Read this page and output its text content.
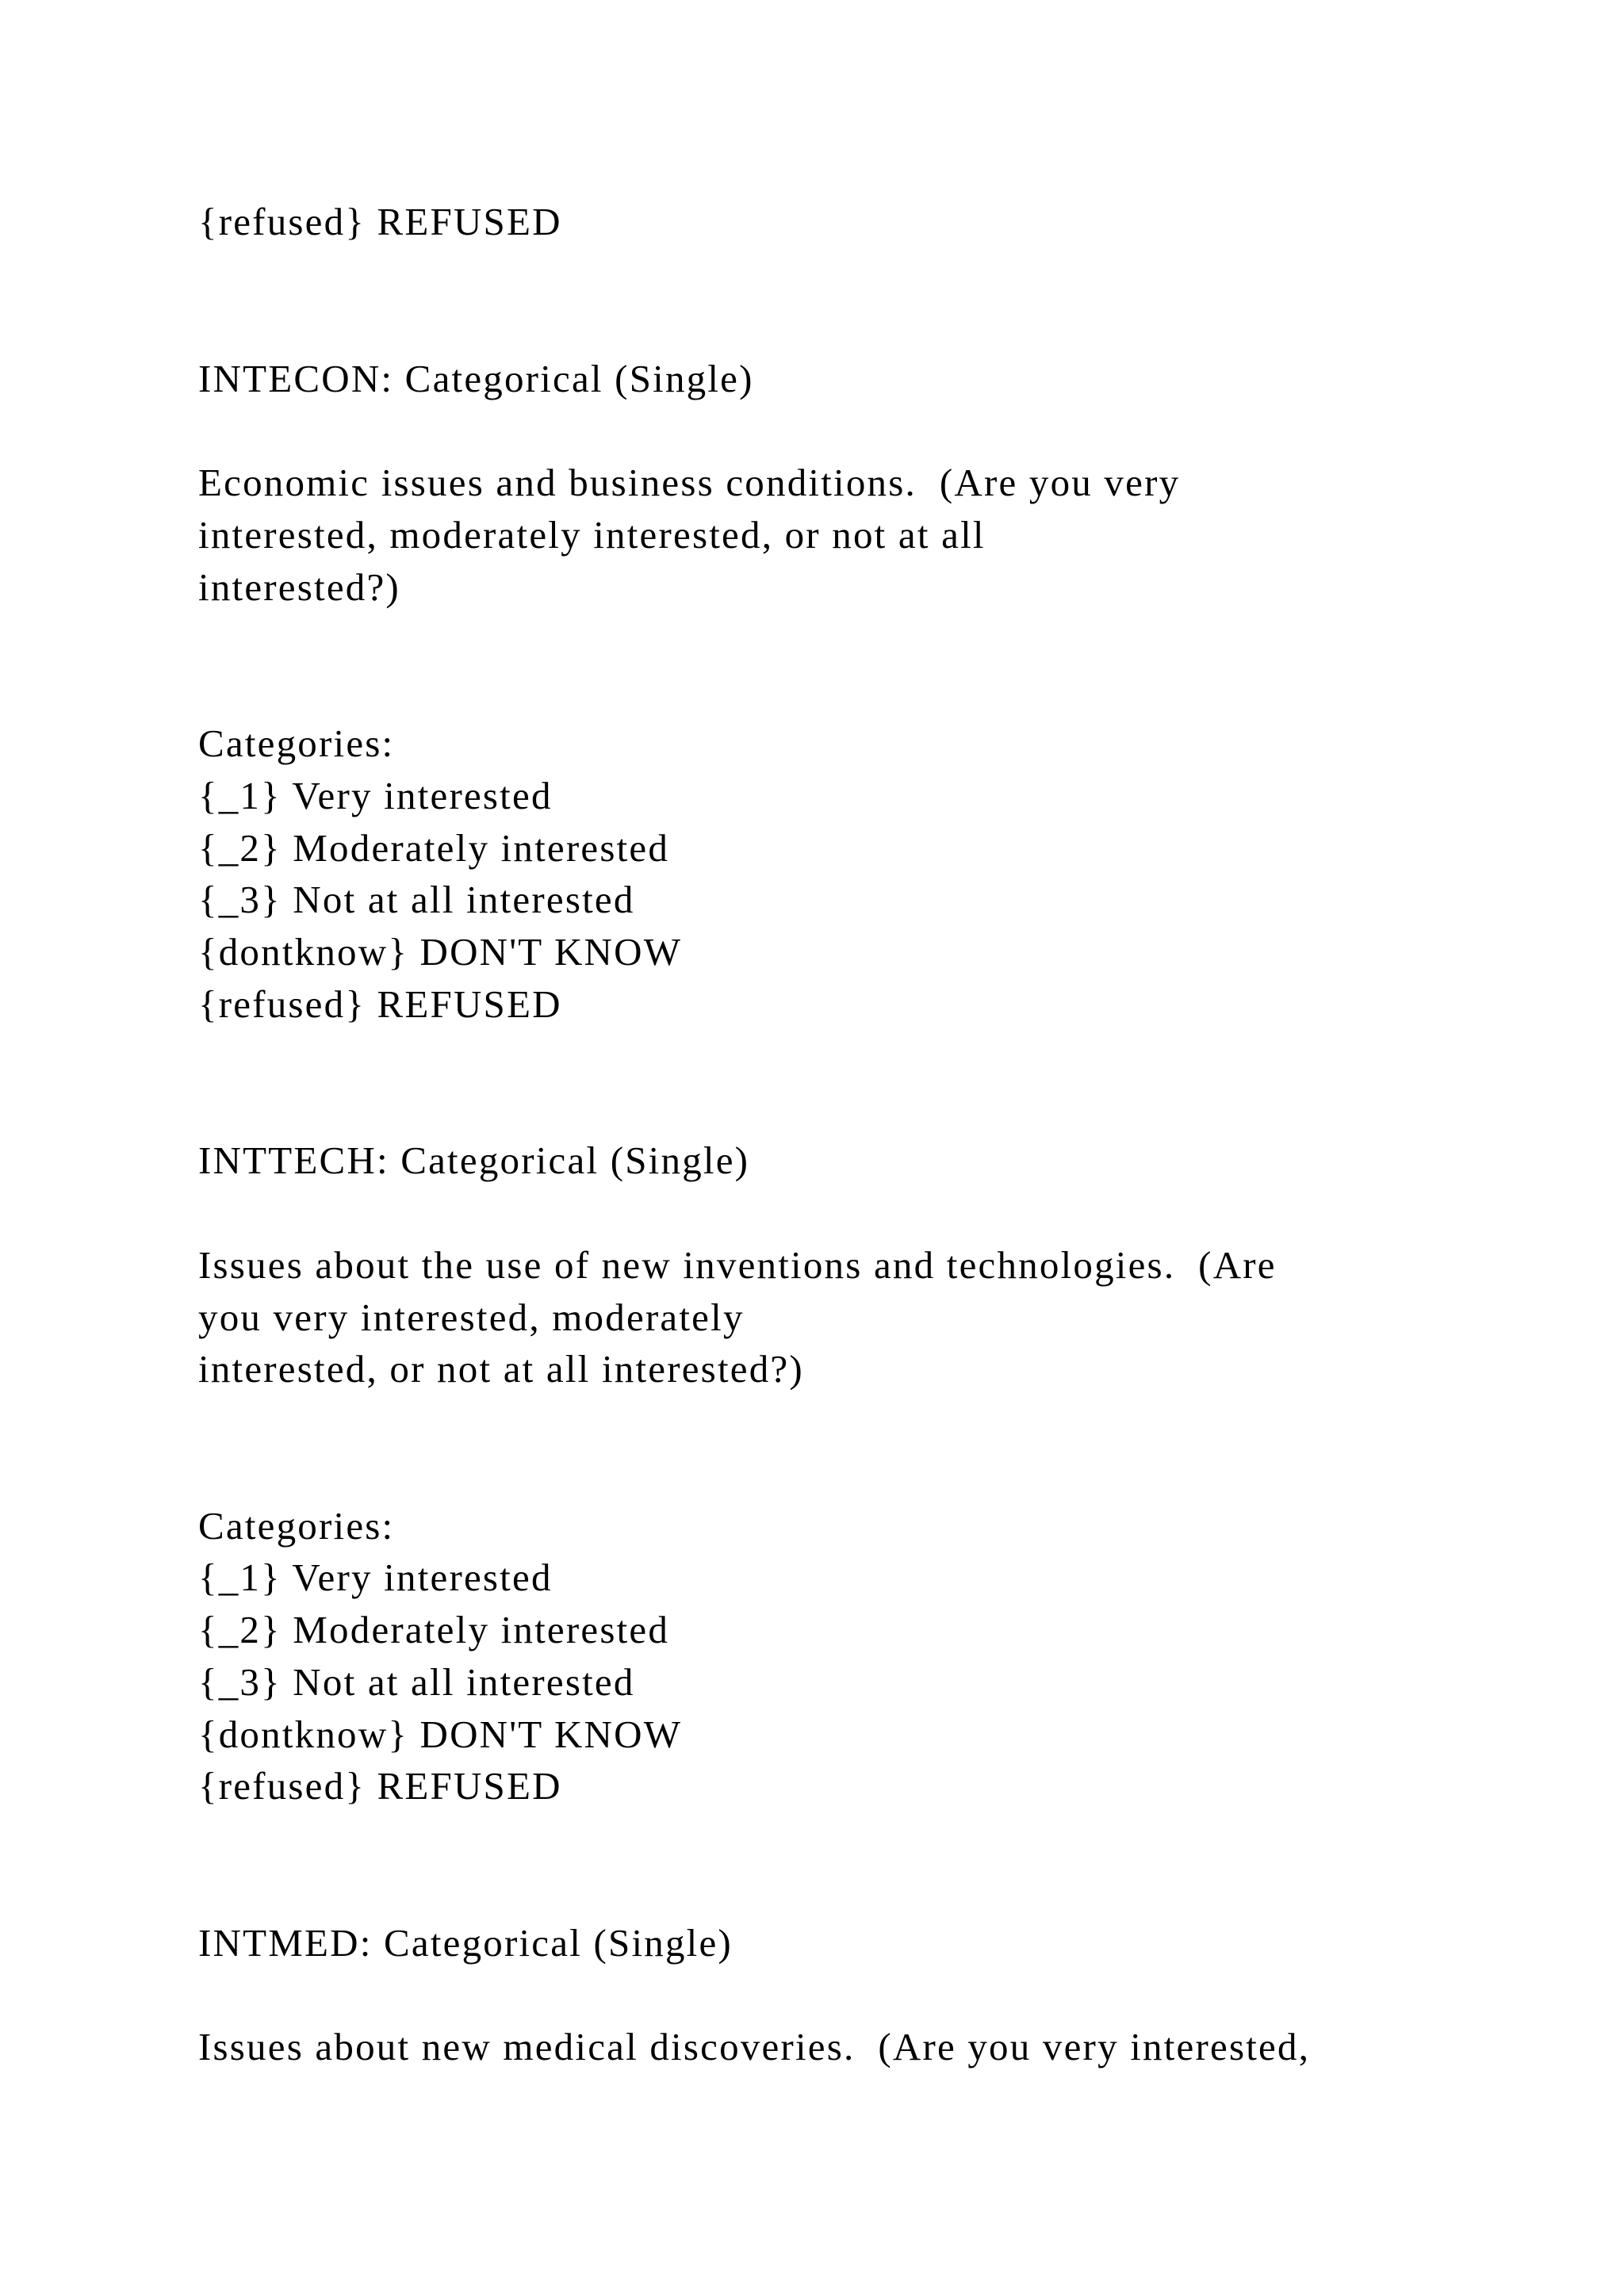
{refused} REFUSED
INTECON: Categorical (Single)
Economic issues and business conditions.  (Are you very
interested, moderately interested, or not at all
interested?)
Categories:
{_1} Very interested
{_2} Moderately interested
{_3} Not at all interested
{dontknow} DON'T KNOW
{refused} REFUSED
INTTECH: Categorical (Single)
Issues about the use of new inventions and technologies.  (Are
you very interested, moderately
interested, or not at all interested?)
Categories:
{_1} Very interested
{_2} Moderately interested
{_3} Not at all interested
{dontknow} DON'T KNOW
{refused} REFUSED
INTMED: Categorical (Single)
Issues about new medical discoveries.  (Are you very interested,
